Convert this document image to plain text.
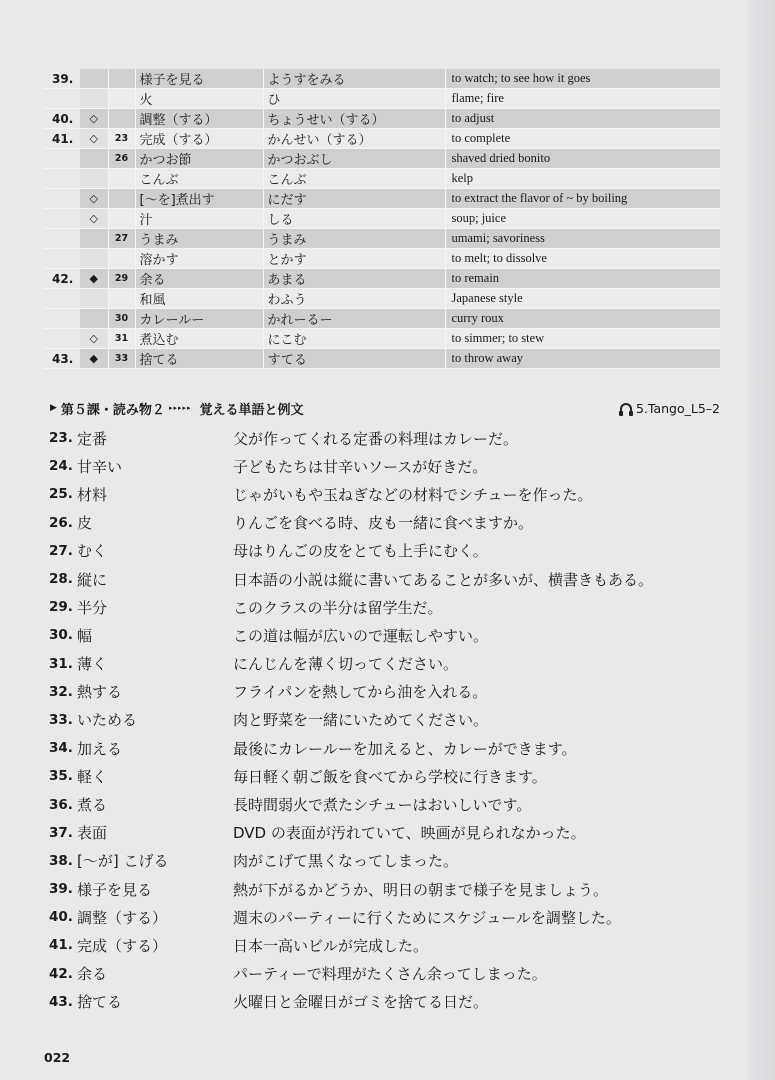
39.			様子を見る	ようすをみる	to watch; to see how it goes
			火	ひ	flame; fire
40.	◇		調整（する）	ちょうせい（する）	to adjust
41.	◇	23	完成（する）	かんせい（する）	to complete
		26	かつお節	かつおぶし	shaved dried bonito
			こんぶ	こんぶ	kelp
	◇		[〜を]煮出す	にだす	to extract the flavor of ~ by boiling
	◇		汁	しる	soup; juice
		27	うまみ	うまみ	umami; savoriness
			溶かす	とかす	to melt; to dissolve
42.	◆	29	余る	あまる	to remain
			和風	わふう	Japanese style
		30	カレールー	かれーるー	curry roux
	◇	31	煮込む	にこむ	to simmer; to stew
43.	◆	33	捨てる	すてる	to throw away
▶ 第５課・読み物２ ▸▸▸▸▸ 覚える単語と例文	5.Tango_L5–2
23. 定番	父が作ってくれる定番の料理はカレーだ。
24. 甘辛い	子どもたちは甘辛いソースが好きだ。
25. 材料	じゃがいもや玉ねぎなどの材料でシチューを作った。
26. 皮	りんごを食べる時、皮も一緒に食べますか。
27. むく	母はりんごの皮をとても上手にむく。
28. 縦に	日本語の小説は縦に書いてあることが多いが、横書きもある。
29. 半分	このクラスの半分は留学生だ。
30. 幅	この道は幅が広いので運転しやすい。
31. 薄く	にんじんを薄く切ってください。
32. 熱する	フライパンを熱してから油を入れる。
33. いためる	肉と野菜を一緒にいためてください。
34. 加える	最後にカレールーを加えると、カレーができます。
35. 軽く	毎日軽く朝ご飯を食べてから学校に行きます。
36. 煮る	長時間弱火で煮たシチューはおいしいです。
37. 表面	DVD の表面が汚れていて、映画が見られなかった。
38. [〜が] こげる	肉がこげて黒くなってしまった。
39. 様子を見る	熱が下がるかどうか、明日の朝まで様子を見ましょう。
40. 調整（する）	週末のパーティーに行くためにスケジュールを調整した。
41. 完成（する）	日本一高いビルが完成した。
42. 余る	パーティーで料理がたくさん余ってしまった。
43. 捨てる	火曜日と金曜日がゴミを捨てる日だ。
022
